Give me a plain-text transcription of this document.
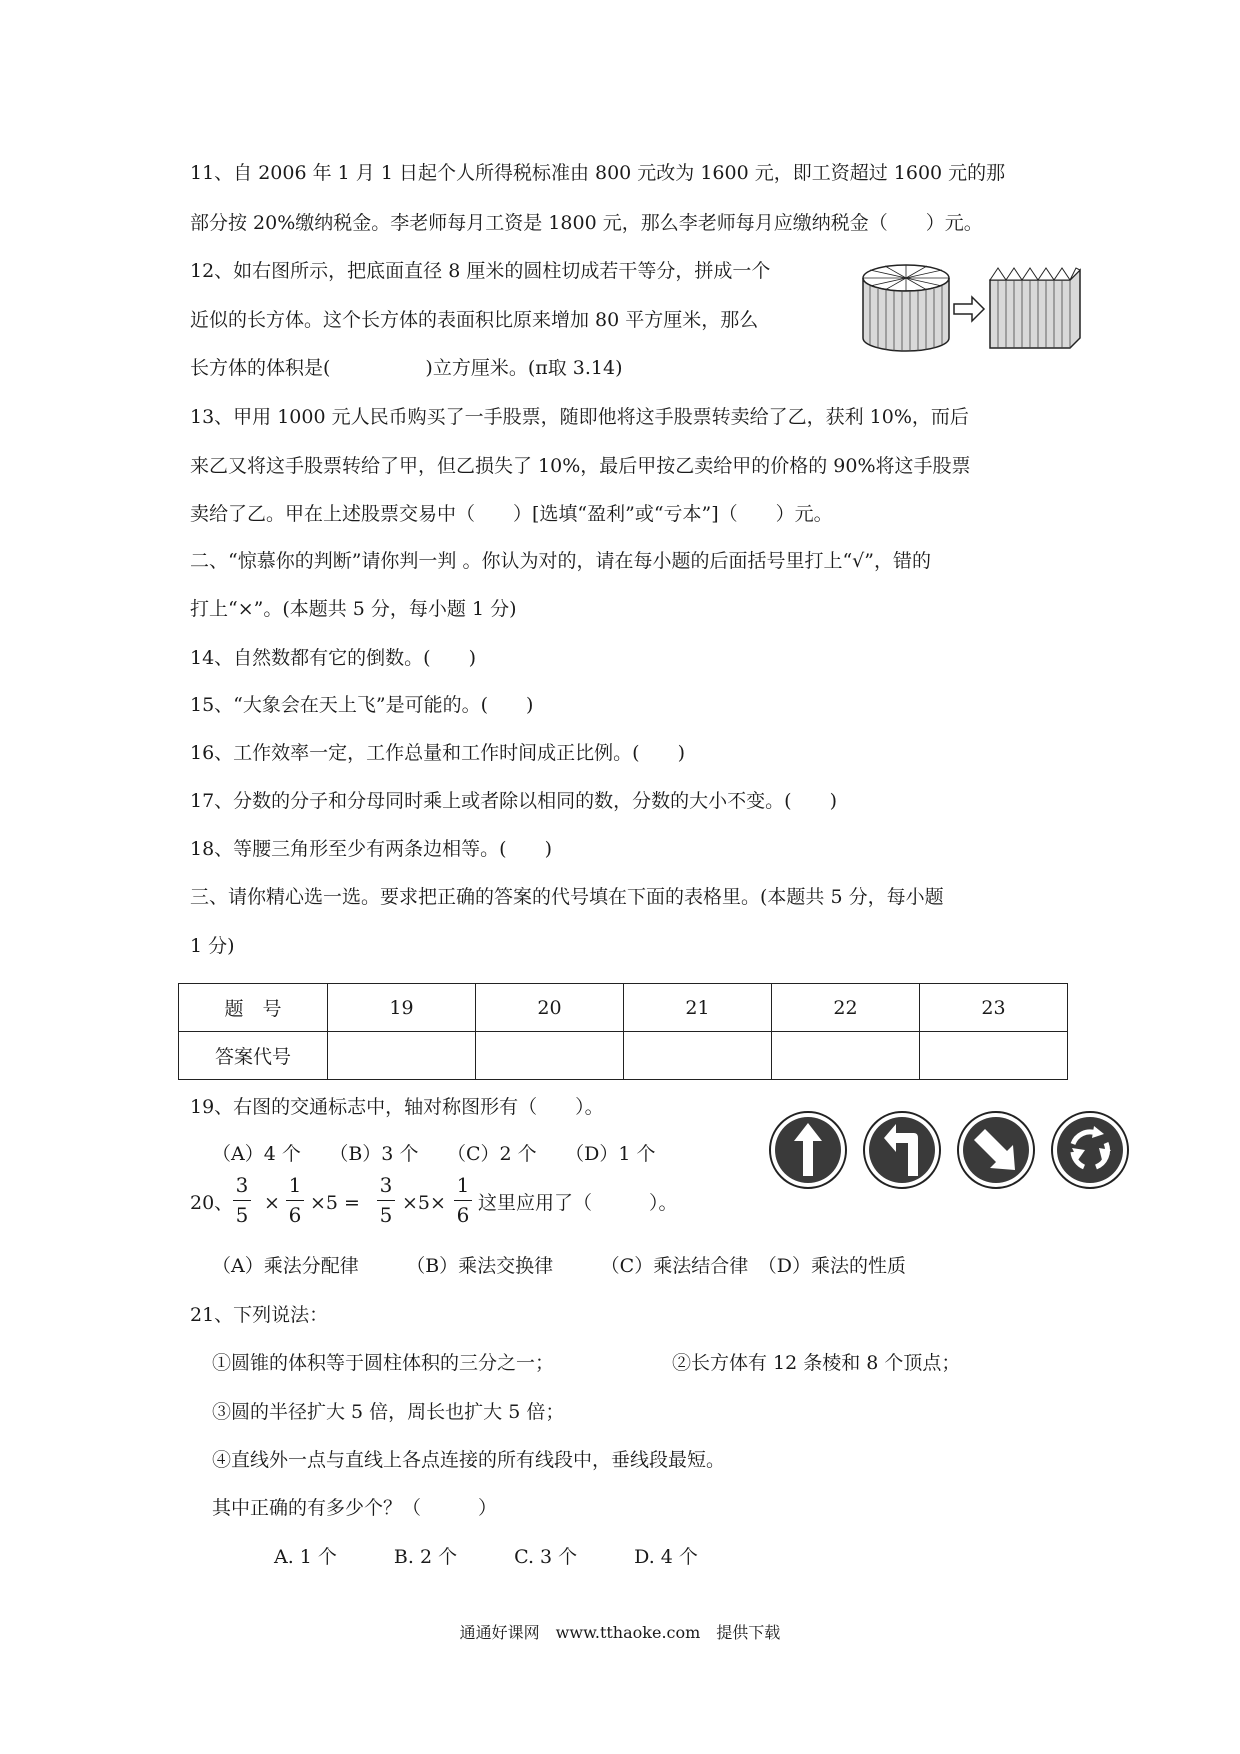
11、自 2006 年 1 月 1 日起个人所得税标准由 800 元改为 1600 元，即工资超过 1600 元的那
部分按 20%缴纳税金。李老师每月工资是 1800 元，那么李老师每月应缴纳税金（　　）元。
12、如右图所示，把底面直径 8 厘米的圆柱切成若干等分，拼成一个
近似的长方体。这个长方体的表面积比原来增加 80 平方厘米，那么
长方体的体积是(　　　　　)立方厘米。(π取 3.14)
13、甲用 1000 元人民币购买了一手股票，随即他将这手股票转卖给了乙，获利 10%，而后
来乙又将这手股票转给了甲，但乙损失了 10%，最后甲按乙卖给甲的价格的 90%将这手股票
卖给了乙。甲在上述股票交易中（　　）[选填“盈利”或“亏本”]（　　）元。
二、“惊慕你的判断”请你判一判 。你认为对的，请在每小题的后面括号里打上“√”，错的
打上“×”。(本题共 5 分，每小题 1 分)
14、自然数都有它的倒数。(　　)
15、“大象会在天上飞”是可能的。(　　)
16、工作效率一定，工作总量和工作时间成正比例。(　　)
17、分数的分子和分母同时乘上或者除以相同的数，分数的大小不变。(　　)
18、等腰三角形至少有两条边相等。(　　)
三、请你精心选一选。要求把正确的答案的代号填在下面的表格里。(本题共 5 分，每小题
1 分)
题　号	19	20	21	22	23
答案代号					
19、右图的交通标志中，轴对称图形有（　　）。
（A）4 个　　（B）3 个　　（C）2 个　　（D）1 个
20、
3
5 ×
1
6 ×5 =
3
5 ×5×
1
6 这里应用了（　　　）。
（A）乘法分配律　　　（B）乘法交换律　　　（C）乘法结合律　（D）乘法的性质
21、下列说法：
①圆锥的体积等于圆柱体积的三分之一；	②长方体有 12 条棱和 8 个顶点；
③圆的半径扩大 5 倍，周长也扩大 5 倍；
④直线外一点与直线上各点连接的所有线段中，垂线段最短。
其中正确的有多少个？（　　　）
A. 1 个　　　B. 2 个　　　C. 3 个　　　D. 4 个
通通好课网　www.tthaoke.com　提供下载
